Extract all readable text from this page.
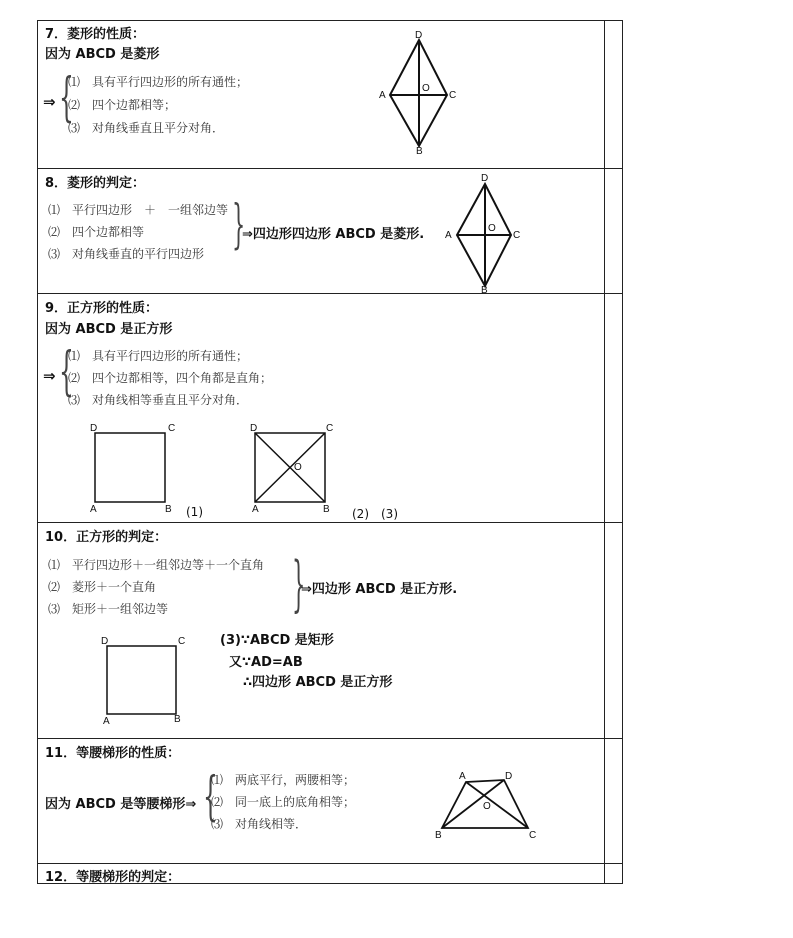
7．菱形的性质：
因为 ABCD 是菱形
⇒ {
⑴　具有平行四边形的所有通性；
⑵　四个边都相等；
⑶　对角线垂直且平分对角．
D
A	C
B
O
8．菱形的判定：
⑴　平行四边形　＋　一组邻边等
⑵　四个边都相等
⑶　对角线垂直的平行四边形 }
⇒四边形四边形 ABCD 是菱形.
D
A	C
B
O
9．正方形的性质：
因为 ABCD 是正方形
⇒ {
⑴　具有平行四边形的所有通性；
⑵　四个边都相等，四个角都是直角；
⑶　对角线相等垂直且平分对角．
D	C
A	B (1)
D	C
A	B
O
(2)　(3)
10．正方形的判定：
⑴　平行四边形＋一组邻边等＋一个直角
⑵　菱形＋一个直角
⑶　矩形＋一组邻边等 }
⇒四边形 ABCD 是正方形.
D	C
A	B
(3)∵ABCD 是矩形
又∵AD=AB
∴四边形 ABCD 是正方形
11．等腰梯形的性质：
因为 ABCD 是等腰梯形⇒ {
⑴　两底平行，两腰相等；
⑵　同一底上的底角相等；
⑶　对角线相等．
A	D
B	C
O
12．等腰梯形的判定：
